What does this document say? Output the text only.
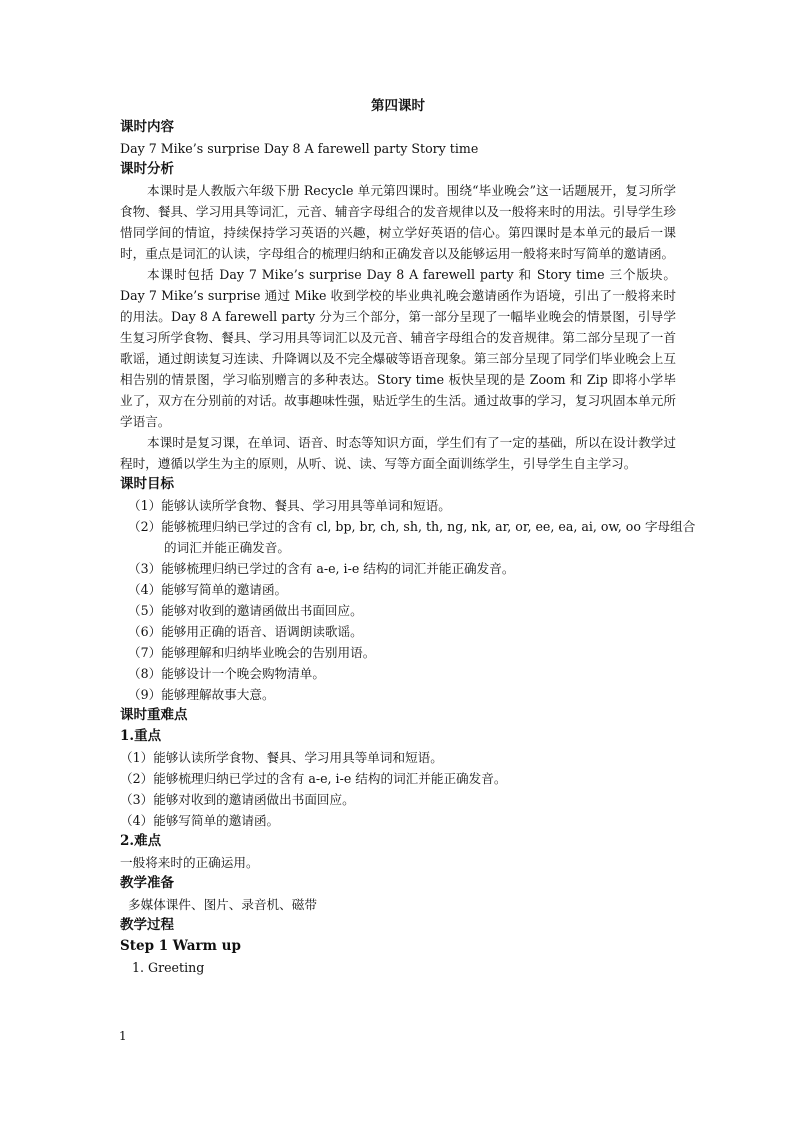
第四课时
课时内容
Day 7 Mike’s surprise Day 8 A farewell party Story time
课时分析

本课时是人教版六年级下册 Recycle 单元第四课时。围绕“毕业晚会”这一话题展开，复习所学食物、餐具、学习用具等词汇，元音、辅音字母组合的发音规律以及一般将来时的用法。引导学生珍惜同学间的情谊，持续保持学习英语的兴趣，树立学好英语的信心。第四课时是本单元的最后一课时，重点是词汇的认读，字母组合的梳理归纳和正确发音以及能够运用一般将来时写简单的邀请函。

本课时包括 Day 7 Mike’s surprise Day 8 A farewell party 和 Story time 三个版块。Day 7 Mike’s surprise 通过 Mike 收到学校的毕业典礼晚会邀请函作为语境，引出了一般将来时的用法。Day 8 A farewell party 分为三个部分，第一部分呈现了一幅毕业晚会的情景图，引导学生复习所学食物、餐具、学习用具等词汇以及元音、辅音字母组合的发音规律。第二部分呈现了一首歌谣，通过朗读复习连读、升降调以及不完全爆破等语音现象。第三部分呈现了同学们毕业晚会上互相告别的情景图，学习临别赠言的多种表达。Story time 板快呈现的是 Zoom 和 Zip 即将小学毕业了，双方在分别前的对话。故事趣味性强，贴近学生的生活。通过故事的学习，复习巩固本单元所学语言。

本课时是复习课，在单词、语音、时态等知识方面，学生们有了一定的基础，所以在设计教学过程时，遵循以学生为主的原则，从听、说、读、写等方面全面训练学生，引导学生自主学习。

课时目标
（1）能够认读所学食物、餐具、学习用具等单词和短语。
（2）能够梳理归纳已学过的含有 cl, bp, br, ch, sh, th, ng, nk, ar, or, ee, ea, ai, ow, oo 字母组合
的词汇并能正确发音。
（3）能够梳理归纳已学过的含有 a-e, i-e 结构的词汇并能正确发音。
（4）能够写简单的邀请函。
（5）能够对收到的邀请函做出书面回应。
（6）能够用正确的语音、语调朗读歌谣。
（7）能够理解和归纳毕业晚会的告别用语。
（8）能够设计一个晚会购物清单。
（9）能够理解故事大意。
课时重难点
1.重点
（1）能够认读所学食物、餐具、学习用具等单词和短语。
（2）能够梳理归纳已学过的含有 a-e, i-e 结构的词汇并能正确发音。
（3）能够对收到的邀请函做出书面回应。
（4）能够写简单的邀请函。
2.难点
一般将来时的正确运用。
教学准备
多媒体课件、图片、录音机、磁带
教学过程
Step 1 Warm up
1. Greeting
1
